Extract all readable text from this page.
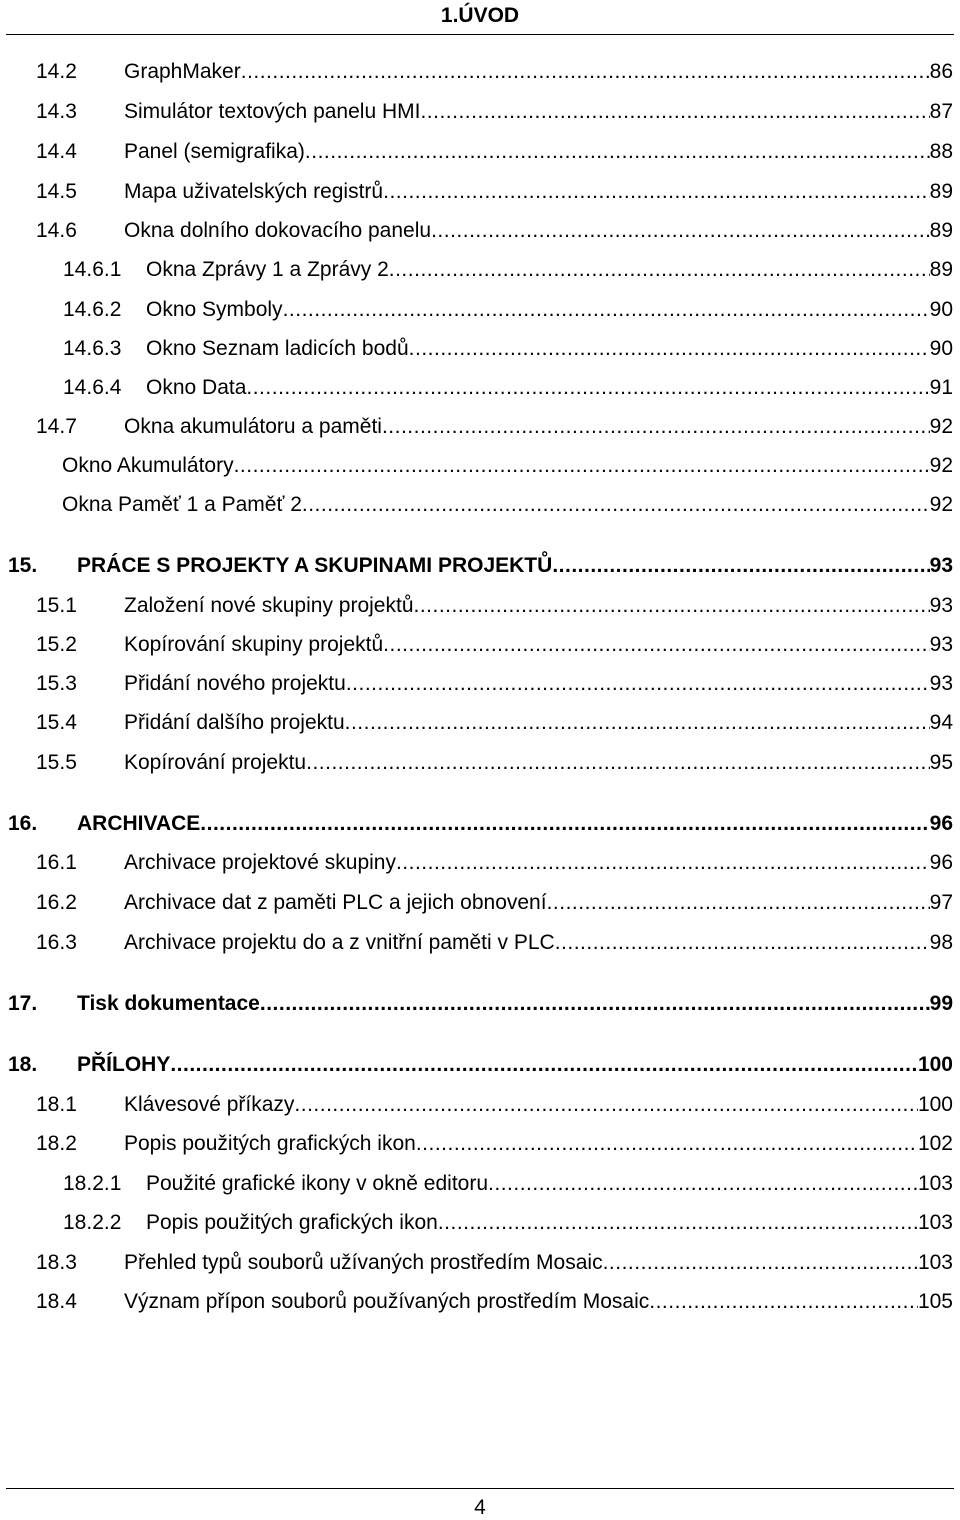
1.ÚVOD
14.2 GraphMaker .....	86
14.3 Simulátor textových panelu HMI .....	87
14.4 Panel (semigrafika) .....	88
14.5 Mapa uživatelských registrů .....	89
14.6 Okna dolního dokovacího panelu .....	89
14.6.1 Okna Zprávy 1 a Zprávy 2 .....	89
14.6.2 Okno Symboly .....	90
14.6.3 Okno Seznam ladicích bodů .....	90
14.6.4 Okno Data .....	91
14.7 Okna akumulátoru a paměti .....	92
Okno Akumulátory .....	92
Okna Paměť 1 a Paměť 2 .....	92
15. PRÁCE S PROJEKTY A SKUPINAMI PROJEKTŮ .....	93
15.1 Založení nové skupiny projektů .....	93
15.2 Kopírování skupiny projektů .....	93
15.3 Přidání nového projektu .....	93
15.4 Přidání dalšího projektu .....	94
15.5 Kopírování projektu .....	95
16. ARCHIVACE .....	96
16.1 Archivace projektové skupiny .....	96
16.2 Archivace dat z paměti PLC a jejich obnovení .....	97
16.3 Archivace projektu do a z vnitřní paměti v PLC .....	98
17. Tisk dokumentace .....	99
18. PŘÍLOHY .....	100
18.1 Klávesové příkazy .....	100
18.2 Popis použitých grafických ikon .....	102
18.2.1 Použité grafické ikony v okně editoru .....	103
18.2.2 Popis použitých grafických ikon .....	103
18.3 Přehled typů souborů užívaných prostředím Mosaic .....	103
18.4 Význam přípon souborů používaných prostředím Mosaic .....	105
4
